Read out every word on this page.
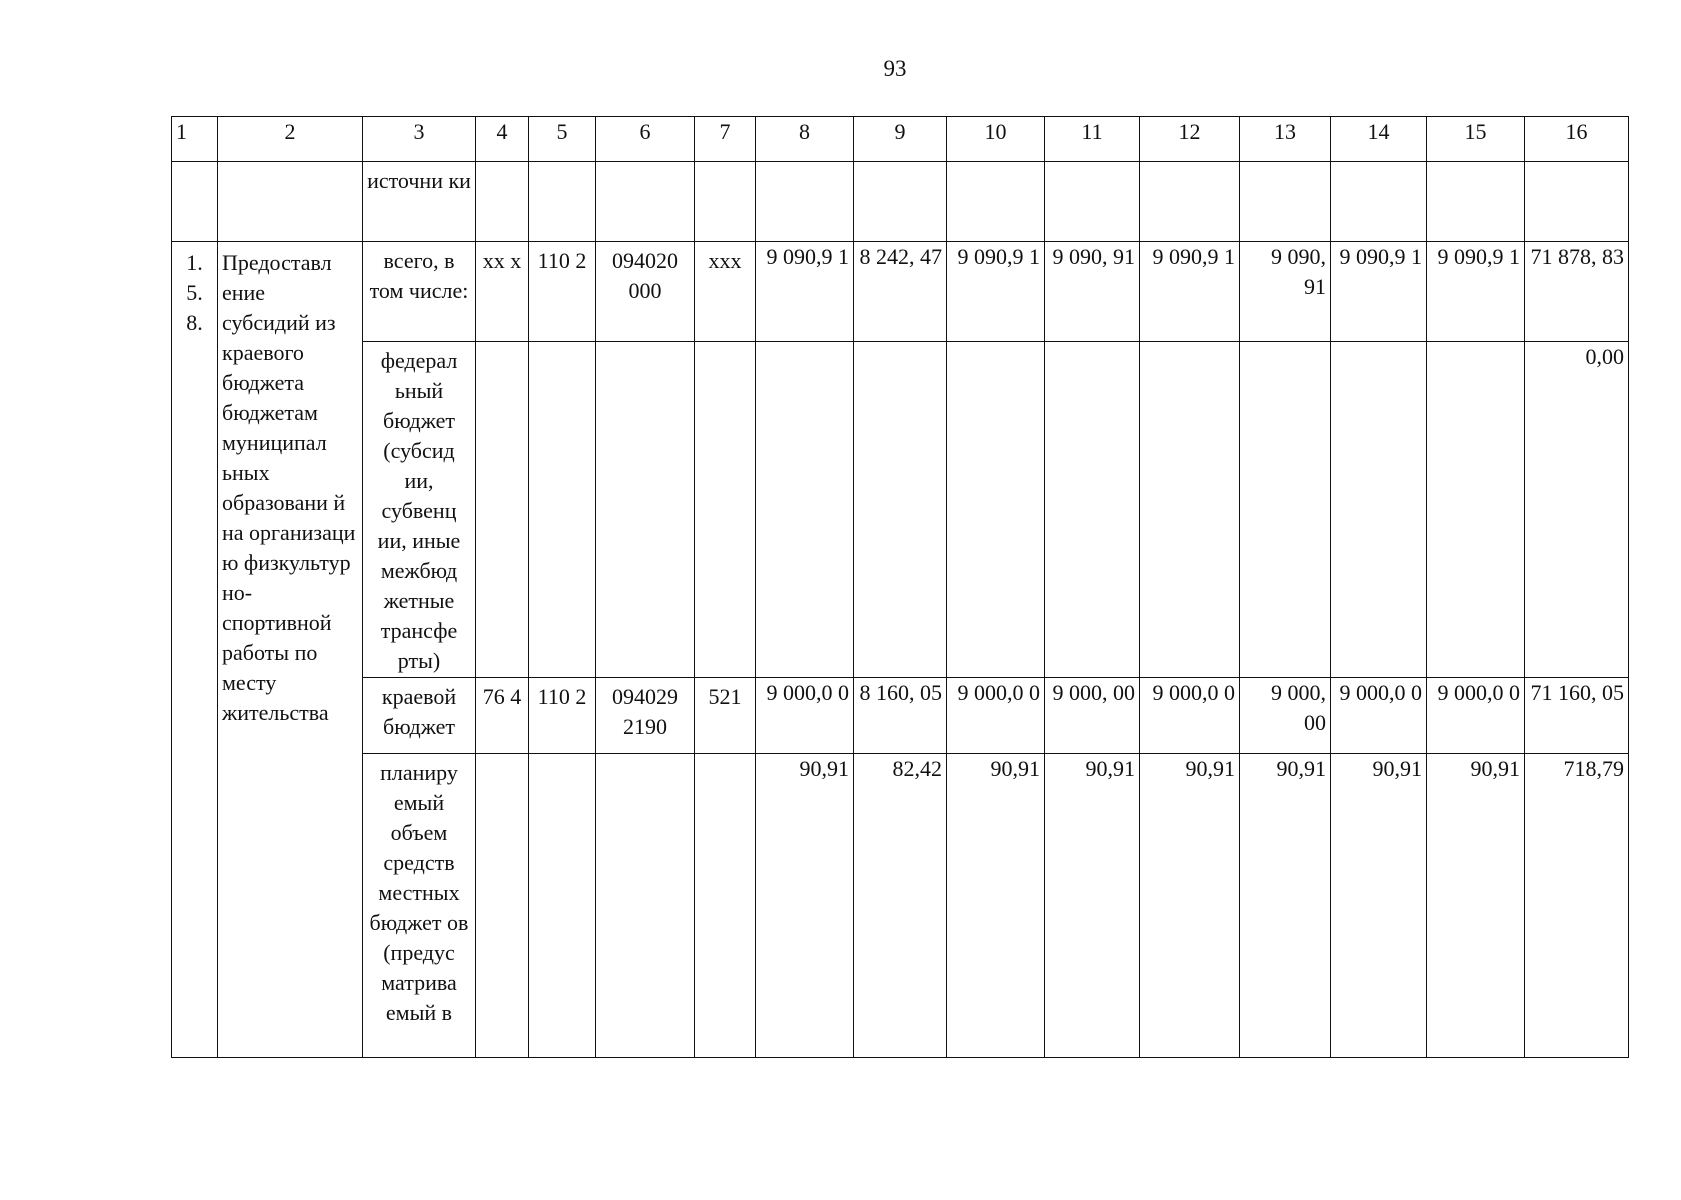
93
1	2	3	4	5	6	7	8	9	10	11	12	13	14	15	16
		источни ки													
1. 5. 8.	Предоставл ение субсидий из краевого бюджета бюджетам муниципал ьных образовани й на организаци ю физкультур но- спортивной работы по месту жительства	всего, в том числе:	xx x	110 2	094020 000	xxx	9 090,9 1	8 242, 47	9 090,9 1	9 090, 91	9 090,9 1	9 090, 91	9 090,9 1	9 090,9 1	71 878, 83
		федерал ьный бюджет (субсид ии, субвенц ии, иные межбюд жетные трансфе рты)													0,00
		краевой бюджет	76 4	110 2	094029 2190	521	9 000,0 0	8 160, 05	9 000,0 0	9 000, 00	9 000,0 0	9 000, 00	9 000,0 0	9 000,0 0	71 160, 05
		планиру емый объем средств местных бюджет ов (предус матрива емый в					90,91	82,42	90,91	90,91	90,91	90,91	90,91	90,91	718,79
